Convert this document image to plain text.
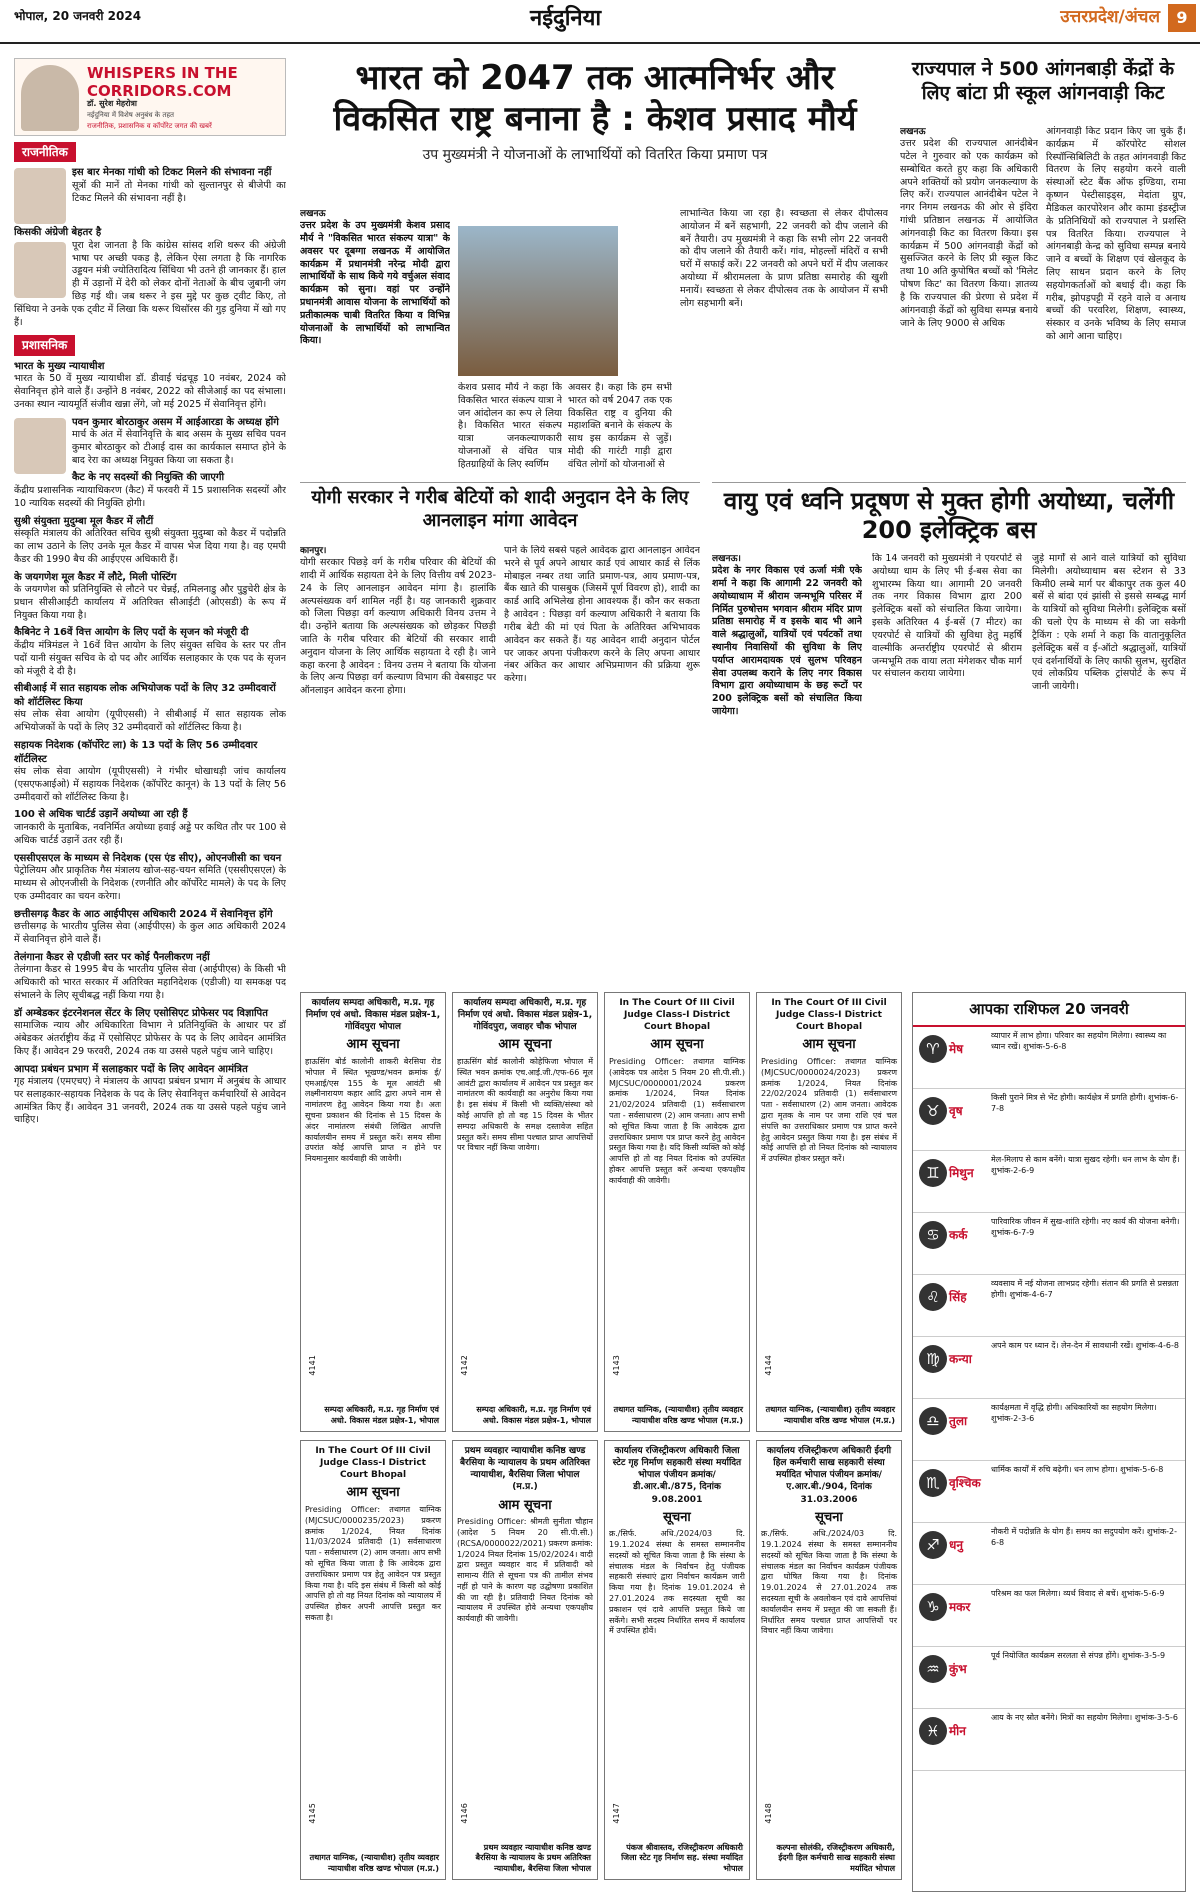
भोपाल, 20 जनवरी 2024	नईदुनिया	उत्तरप्रदेश/अंचल	9
WHISPERS IN THE
CORRIDORS.COM
डॉ. सुरेश मेहरोत्रा
नईदुनिया में विशेष अनुबंध के तहत
राजनीतिक, प्रशासनिक व कॉर्पोरेट जगत की खबरें
राजनीतिक
इस बार मेनका गांधी को टिकट मिलने की संभावना नहीं
सूत्रों की मानें तो मेनका गांधी को सुल्तानपुर से बीजेपी का टिकट मिलने की संभावना नहीं है।
किसकी अंग्रेजी बेहतर है
पूरा देश जानता है कि कांग्रेस सांसद शशि थरूर की अंग्रेजी भाषा पर अच्छी पकड़ है, लेकिन ऐसा लगता है कि नागरिक उड्डयन मंत्री ज्योतिरादित्य सिंधिया भी उतने ही जानकार हैं। हाल ही में उड़ानों में देरी को लेकर दोनों नेताओं के बीच जुबानी जंग छिड़ गई थी। जब थरूर ने इस मुद्दे पर कुछ ट्वीट किए, तो सिंधिया ने उनके एक ट्वीट में लिखा कि थरूर थिसॉरस की गुड़ दुनिया में खो गए हैं।
प्रशासनिक
भारत के मुख्य न्यायाधीश
भारत के 50 वें मुख्य न्यायाधीश डॉ. डीवाई चंद्रचूड़ 10 नवंबर, 2024 को सेवानिवृत्त होने वाले हैं। उन्होंने 8 नवंबर, 2022 को सीजेआई का पद संभाला। उनका स्थान न्यायमूर्ति संजीव खन्ना लेंगे, जो मई 2025 में सेवानिवृत्त होंगे।
पवन कुमार बोरठाकुर असम में आईआरडा के अध्यक्ष होंगे
मार्च के अंत में सेवानिवृत्ति के बाद असम के मुख्य सचिव पवन कुमार बोरठाकुर को टीआई दास का कार्यकाल समाप्त होने के बाद रेरा का अध्यक्ष नियुक्त किया जा सकता है।
कैट के नए सदस्यों की नियुक्ति की जाएगी
केंद्रीय प्रशासनिक न्यायाधिकरण (कैट) में फरवरी में 15 प्रशासनिक सदस्यों और 10 न्यायिक सदस्यों की नियुक्ति होगी।
सुश्री संयुक्ता मुदुम्बा मूल कैडर में लौटीं
संस्कृति मंत्रालय की अतिरिक्त सचिव सुश्री संयुक्ता मुदुम्बा को कैडर में पदोन्नति का लाभ उठाने के लिए उनके मूल कैडर में वापस भेज दिया गया है। वह एमपी कैडर की 1990 बैच की आईएएस अधिकारी हैं।
के जयगणेश मूल कैडर में लौटे, मिली पोस्टिंग
के जयगणेश को प्रतिनियुक्ति से लौटने पर चेन्नई, तमिलनाडु और पुडुचेरी क्षेत्र के प्रधान सीसीआईटी कार्यालय में अतिरिक्त सीआईटी (ओएसडी) के रूप में नियुक्त किया गया है।
कैबिनेट ने 16वें वित्त आयोग के लिए पदों के सृजन को मंजूरी दी
केंद्रीय मंत्रिमंडल ने 16वें वित्त आयोग के लिए संयुक्त सचिव के स्तर पर तीन पदों यानी संयुक्त सचिव के दो पद और आर्थिक सलाहकार के एक पद के सृजन को मंजूरी दे दी है।
सीबीआई में सात सहायक लोक अभियोजक पदों के लिए 32 उम्मीदवारों को शॉर्टलिस्ट किया
संघ लोक सेवा आयोग (यूपीएससी) ने सीबीआई में सात सहायक लोक अभियोजकों के पदों के लिए 32 उम्मीदवारों को शॉर्टलिस्ट किया है।
सहायक निदेशक (कॉर्पोरेट ला) के 13 पदों के लिए 56 उम्मीदवार शॉर्टलिस्ट
संघ लोक सेवा आयोग (यूपीएससी) ने गंभीर धोखाधड़ी जांच कार्यालय (एसएफआईओ) में सहायक निदेशक (कॉर्पोरेट कानून) के 13 पदों के लिए 56 उम्मीदवारों को शॉर्टलिस्ट किया है।
100 से अधिक चार्टर्ड उड़ानें अयोध्या आ रही हैं
जानकारी के मुताबिक, नवनिर्मित अयोध्या हवाई अड्डे पर कथित तौर पर 100 से अधिक चार्टर्ड उड़ानें उतर रही हैं।
एससीएसएल के माध्यम से निदेशक (एस एंड सीए), ओएनजीसी का चयन
पेट्रोलियम और प्राकृतिक गैस मंत्रालय खोज-सह-चयन समिति (एससीएसएल) के माध्यम से ओएनजीसी के निदेशक (रणनीति और कॉर्पोरेट मामले) के पद के लिए एक उम्मीदवार का चयन करेगा।
छत्तीसगढ़ कैडर के आठ आईपीएस अधिकारी 2024 में सेवानिवृत्त होंगे
छत्तीसगढ़ के भारतीय पुलिस सेवा (आईपीएस) के कुल आठ अधिकारी 2024 में सेवानिवृत्त होने वाले हैं।
तेलंगाना कैडर से एडीजी स्तर पर कोई पैनलीकरण नहीं
तेलंगाना कैडर से 1995 बैच के भारतीय पुलिस सेवा (आईपीएस) के किसी भी अधिकारी को भारत सरकार में अतिरिक्त महानिदेशक (एडीजी) या समकक्ष पद संभालने के लिए सूचीबद्ध नहीं किया गया है।
डॉ अम्बेडकर इंटरनेशनल सेंटर के लिए एसोसिएट प्रोफेसर पद विज्ञापित
सामाजिक न्याय और अधिकारिता विभाग ने प्रतिनियुक्ति के आधार पर डॉ अंबेडकर अंतर्राष्ट्रीय केंद्र में एसोसिएट प्रोफेसर के पद के लिए आवेदन आमंत्रित किए हैं। आवेदन 29 फरवरी, 2024 तक या उससे पहले पहुंच जाने चाहिए।
आपदा प्रबंधन प्रभाग में सलाहकार पदों के लिए आवेदन आमंत्रित
गृह मंत्रालय (एमएचए) ने मंत्रालय के आपदा प्रबंधन प्रभाग में अनुबंध के आधार पर सलाहकार-सहायक निदेशक के पद के लिए सेवानिवृत्त कर्मचारियों से आवेदन आमंत्रित किए हैं। आवेदन 31 जनवरी, 2024 तक या उससे पहले पहुंच जाने चाहिए।
भारत को 2047 तक आत्मनिर्भर और विकसित राष्ट्र बनाना है : केशव प्रसाद मौर्य
उप मुख्यमंत्री ने योजनाओं के लाभार्थियों को वितरित किया प्रमाण पत्र
लखनऊ
उत्तर प्रदेश के उप मुख्यमंत्री केशव प्रसाद मौर्य ने "विकसित भारत संकल्प यात्रा" के अवसर पर दूबग्गा लखनऊ में आयोजित कार्यक्रम में प्रधानमंत्री नरेन्द्र मोदी द्वारा लाभार्थियों के साथ किये गये वर्चुअल संवाद कार्यक्रम को सुना। वहां पर उन्होंने प्रधानमंत्री आवास योजना के लाभार्थियों को प्रतीकात्मक चाबी वितरित किया व विभिन्न योजनाओं के लाभार्थियों को लाभान्वित किया।
केशव प्रसाद मौर्य ने कहा कि विकसित भारत संकल्प यात्रा ने जन आंदोलन का रूप ले लिया है। विकसित भारत संकल्प यात्रा जनकल्याणकारी योजनाओं से वंचित पात्र हितग्राहियों के लिए स्वर्णिम
अवसर है। कहा कि हम सभी भारत को वर्ष 2047 तक एक विकसित राष्ट्र व दुनिया की महाशक्ति बनाने के संकल्प के साथ इस कार्यक्रम से जुड़ें। मोदी की गारंटी गाड़ी द्वारा वंचित लोगों को योजनाओं से
लाभान्वित किया जा रहा है। स्वच्छता से लेकर दीपोत्सव आयोजन में बनें सहभागी, 22 जनवरी को दीप जलाने की बनें तैयारी। उप मुख्यमंत्री ने कहा कि सभी लोग 22 जनवरी को दीप जलाने की तैयारी करें। गांव, मोहल्लों मंदिरों व सभी घरों में सफाई करें। 22 जनवरी को अपने घरों में दीप जलाकर अयोध्या में श्रीरामलला के प्राण प्रतिष्ठा समारोह की खुशी मनायें। स्वच्छता से लेकर दीपोत्सव तक के आयोजन में सभी लोग सहभागी बनें।
राज्यपाल ने 500 आंगनबाड़ी केंद्रों के लिए बांटा प्री स्कूल आंगनवाड़ी किट
लखनऊ
उत्तर प्रदेश की राज्यपाल आनंदीबेन पटेल ने गुरुवार को एक कार्यक्रम को सम्बोधित करते हुए कहा कि अधिकारी अपने शक्तियों को प्रयोग जनकल्याण के लिए करें। राज्यपाल आनंदीबेन पटेल ने नगर निगम लखनऊ की ओर से इंदिरा गांधी प्रतिष्ठान लखनऊ में आयोजित आंगनवाड़ी किट का वितरण किया। इस कार्यक्रम में 500 आंगनवाड़ी केंद्रों को सुसज्जित करने के लिए प्री स्कूल किट तथा 10 अति कुपोषित बच्चों को 'मिलेट पोषण किट' का वितरण किया। ज्ञातव्य है कि राज्यपाल की प्रेरणा से प्रदेश में आंगनवाड़ी केंद्रों को सुविधा सम्पन्न बनाये जाने के लिए 9000 से अधिक
आंगनवाड़ी किट प्रदान किए जा चुके हैं। कार्यक्रम में कॉरपोरेट सोशल रिस्पॉन्सिबिलिटी के तहत आंगनवाड़ी किट वितरण के लिए सहयोग करने वाली संस्थाओं स्टेट बैंक ऑफ इण्डिया, रामा कृष्णन पेस्टीसाइड्स, मेदांता ग्रुप, मैडिकल कारपोरेशन और कामा इंडस्ट्रीज के प्रतिनिधियों को राज्यपाल ने प्रशस्ति पत्र वितरित किया। राज्यपाल ने आंगनबाड़ी केन्द्र को सुविधा सम्पन्न बनाये जाने व बच्चों के शिक्षण एवं खेलकूद के लिए साधन प्रदान करने के लिए सहयोगकर्ताओं को बधाई दी। कहा कि गरीब, झोपड़पट्टी में रहने वाले व अनाथ बच्चों की परवरिश, शिक्षण, स्वास्थ्य, संस्कार व उनके भविष्य के लिए समाज को आगे आना चाहिए।
योगी सरकार ने गरीब बेटियों को शादी अनुदान देने के लिए आनलाइन मांगा आवेदन
कानपुर।
योगी सरकार पिछड़े वर्ग के गरीब परिवार की बेटियों की शादी में आर्थिक सहायता देने के लिए वित्तीय वर्ष 2023-24 के लिए आनलाइन आवेदन मांगा है। हालांकि अल्पसंख्यक वर्ग शामिल नहीं है। यह जानकारी शुक्रवार को जिला पिछड़ा वर्ग कल्याण अधिकारी विनय उत्तम ने दी। उन्होंने बताया कि अल्पसंख्यक को छोड़कर पिछड़ी जाति के गरीब परिवार की बेटियों की सरकार शादी अनुदान योजना के लिए आर्थिक सहायता दे रही है। जाने कहा करना है आवेदन : विनय उत्तम ने बताया कि योजना के लिए अन्य पिछड़ा वर्ग कल्याण विभाग की वेबसाइट पर ऑनलाइन आवेदन करना होगा।
पाने के लिये सबसे पहले आवेदक द्वारा आनलाइन आवेदन भरने से पूर्व अपने आधार कार्ड एवं आधार कार्ड से लिंक मोबाइल नम्बर तथा जाति प्रमाण-पत्र, आय प्रमाण-पत्र, बैंक खाते की पासबुक (जिसमें पूर्ण विवरण हो), शादी का कार्ड आदि अभिलेख होना आवश्यक हैं। कौन कर सकता है आवेदन : पिछड़ा वर्ग कल्याण अधिकारी ने बताया कि गरीब बेटी की मां एवं पिता के अतिरिक्त अभिभावक आवेदन कर सकते हैं। यह आवेदन शादी अनुदान पोर्टल पर जाकर अपना पंजीकरण करने के लिए अपना आधार नंबर अंकित कर आधार अभिप्रमाणन की प्रक्रिया शुरू करेगा।
वायु एवं ध्वनि प्रदूषण से मुक्त होगी अयोध्या, चलेंगी 200 इलेक्ट्रिक बस
लखनऊ।
प्रदेश के नगर विकास एवं ऊर्जा मंत्री एके शर्मा ने कहा कि आगामी 22 जनवरी को अयोध्याधाम में श्रीराम जन्मभूमि परिसर में निर्मित पुरुषोत्तम भगवान श्रीराम मंदिर प्राण प्रतिष्ठा समारोह में व इसके बाद भी आने वाले श्रद्धालुओं, यात्रियों एवं पर्यटकों तथा स्थानीय निवासियों की सुविधा के लिए पर्याप्त आरामदायक एवं सुलभ परिवहन सेवा उपलब्ध कराने के लिए नगर विकास विभाग द्वारा अयोध्याधाम के छह रूटों पर 200 इलेक्ट्रिक बसों को संचालित किया जायेगा।
कि 14 जनवरी को मुख्यमंत्री ने एयरपोर्ट से अयोध्या धाम के लिए भी ई-बस सेवा का शुभारम्भ किया था। आगामी 20 जनवरी तक नगर विकास विभाग द्वारा 200 इलेक्ट्रिक बसों को संचालित किया जायेगा। इसके अतिरिक्त 4 ई-बसें (7 मीटर) का एयरपोर्ट से यात्रियों की सुविधा हेतु महर्षि वाल्मीकि अन्तर्राष्ट्रीय एयरपोर्ट से श्रीराम जन्मभूमि तक वाया लता मंगेशकर चौक मार्ग पर संचालन कराया जायेगा।
जुड़े मार्गों से आने वाले यात्रियों को सुविधा मिलेगी। अयोध्याधाम बस स्टेशन से 33 किमी0 लम्बे मार्ग पर बीकापुर तक कुल 40 बसें से बांदा एवं झांसी से इससे सम्बद्ध मार्ग के यात्रियों को सुविधा मिलेगी। इलेक्ट्रिक बसों की चलो ऐप के माध्यम से की जा सकेगी ट्रैकिंग : एके शर्मा ने कहा कि वातानुकूलित इलेक्ट्रिक बसें व ई-ऑटो श्रद्धालुओं, यात्रियों एवं दर्शनार्थियों के लिए काफी सुलभ, सुरक्षित एवं लोकप्रिय पब्लिक ट्रांसपोर्ट के रूप में जानी जायेगी।
कार्यालय सम्पदा अधिकारी, म.प्र. गृह निर्माण एवं अधो. विकास मंडल प्रक्षेत्र-1, गोविंदपुरा भोपाल
आम सूचना
हाऊसिंग बोर्ड कालोनी शाकरी बेरसिया रोड भोपाल में स्थित भूखण्ड/भवन क्रमांक ई/एमआई/एस 155 के मूल आवंटी श्री लक्ष्मीनारायण कहार आदि द्वारा अपने नाम से नामांतरण हेतु आवेदन किया गया है। अतः सूचना प्रकाशन की दिनांक से 15 दिवस के अंदर नामांतरण संबंधी लिखित आपत्ति कार्यालयीन समय में प्रस्तुत करें। समय सीमा उपरांत कोई आपत्ति प्राप्त न होने पर नियमानुसार कार्यवाही की जावेगी।
सम्पदा अधिकारी, म.प्र. गृह निर्माण एवं अधो. विकास मंडल प्रक्षेत्र-1, भोपाल
4141
कार्यालय सम्पदा अधिकारी, म.प्र. गृह निर्माण एवं अधो. विकास मंडल प्रक्षेत्र-1, गोविंदपुरा, जवाहर चौक भोपाल
आम सूचना
हाऊसिंग बोर्ड कालोनी कोहेफिजा भोपाल में स्थित भवन क्रमांक एच.आई.जी./एफ-66 मूल आवंटी द्वारा कार्यालय में आवेदन पत्र प्रस्तुत कर नामांतरण की कार्यवाही का अनुरोध किया गया है। इस संबंध में किसी भी व्यक्ति/संस्था को कोई आपत्ति हो तो वह 15 दिवस के भीतर सम्पदा अधिकारी के समक्ष दस्तावेज सहित प्रस्तुत करें। समय सीमा पश्चात प्राप्त आपत्तियों पर विचार नहीं किया जावेगा।
सम्पदा अधिकारी, म.प्र. गृह निर्माण एवं अधो. विकास मंडल प्रक्षेत्र-1, भोपाल
4142
In The Court Of III Civil Judge Class-I District Court Bhopal
आम सूचना
Presiding Officer: तथागत याग्निक (आवेदक पत्र आदेश 5 नियम 20 सी.पी.सी.) MJCSUC/0000001/2024 प्रकरण क्रमांक 1/2024, नियत दिनांक 21/02/2024 प्रतिवादी (1) सर्वसाधारण पता - सर्वसाधारण (2) आम जनता। आप सभी को सूचित किया जाता है कि आवेदक द्वारा उत्तराधिकार प्रमाण पत्र प्राप्त करने हेतु आवेदन प्रस्तुत किया गया है। यदि किसी व्यक्ति को कोई आपत्ति हो तो वह नियत दिनांक को उपस्थित होकर आपत्ति प्रस्तुत करें अन्यथा एकपक्षीय कार्यवाही की जावेगी।
तथागत याग्निक, (न्यायाधीश) तृतीय व्यवहार न्यायाधीश वरिष्ठ खण्ड भोपाल (म.प्र.)
4143
In The Court Of III Civil Judge Class-I District Court Bhopal
आम सूचना
Presiding Officer: तथागत याग्निक (MJCSUC/0000024/2023) प्रकरण क्रमांक 1/2024, नियत दिनांक 22/02/2024 प्रतिवादी (1) सर्वसाधारण पता - सर्वसाधारण (2) आम जनता। आवेदक द्वारा मृतक के नाम पर जमा राशि एवं चल संपत्ति का उत्तराधिकार प्रमाण पत्र प्राप्त करने हेतु आवेदन प्रस्तुत किया गया है। इस संबंध में कोई आपत्ति हो तो नियत दिनांक को न्यायालय में उपस्थित होकर प्रस्तुत करें।
तथागत याग्निक, (न्यायाधीश) तृतीय व्यवहार न्यायाधीश वरिष्ठ खण्ड भोपाल (म.प्र.)
4144
In The Court Of III Civil Judge Class-I District Court Bhopal
आम सूचना
Presiding Officer: तथागत याग्निक (MJCSUC/0000235/2023) प्रकरण क्रमांक 1/2024, नियत दिनांक 11/03/2024 प्रतिवादी (1) सर्वसाधारण पता - सर्वसाधारण (2) आम जनता। आप सभी को सूचित किया जाता है कि आवेदक द्वारा उत्तराधिकार प्रमाण पत्र हेतु आवेदन पत्र प्रस्तुत किया गया है। यदि इस संबंध में किसी को कोई आपत्ति हो तो वह नियत दिनांक को न्यायालय में उपस्थित होकर अपनी आपत्ति प्रस्तुत कर सकता है।
तथागत याग्निक, (न्यायाधीश) तृतीय व्यवहार न्यायाधीश वरिष्ठ खण्ड भोपाल (म.प्र.)
4145
प्रथम व्यवहार न्यायाधीश कनिष्ठ खण्ड बैरसिया के न्यायालय के प्रथम अतिरिक्त न्यायाधीश, बैरसिया जिला भोपाल (म.प्र.)
आम सूचना
Presiding Officer: श्रीमती सुनीता चौहान (आदेश 5 नियम 20 सी.पी.सी.) (RCSA/0000022/2021) प्रकरण क्रमांक: 1/2024 नियत दिनांक 15/02/2024। वादी द्वारा प्रस्तुत व्यवहार वाद में प्रतिवादी को सामान्य रीति से सूचना पत्र की तामील संभव नहीं हो पाने के कारण यह उद्घोषणा प्रकाशित की जा रही है। प्रतिवादी नियत दिनांक को न्यायालय में उपस्थित होवे अन्यथा एकपक्षीय कार्यवाही की जावेगी।
प्रथम व्यवहार न्यायाधीश कनिष्ठ खण्ड बैरसिया के न्यायालय के प्रथम अतिरिक्त न्यायाधीश, बैरसिया जिला भोपाल
4146
कार्यालय रजिस्ट्रीकरण अधिकारी जिला स्टेट गृह निर्माण सहकारी संस्था मर्यादित भोपाल पंजीयन क्रमांक/डी.आर.बी./875, दिनांक 9.08.2001
सूचना
क्र./सिर्फ. अधि./2024/03 दि. 19.1.2024 संस्था के समस्त सम्माननीय सदस्यों को सूचित किया जाता है कि संस्था के संचालक मंडल के निर्वाचन हेतु पंजीयक सहकारी संस्थाएं द्वारा निर्वाचन कार्यक्रम जारी किया गया है। दिनांक 19.01.2024 से 27.01.2024 तक सदस्यता सूची का प्रकाशन एवं दावे आपत्ति प्रस्तुत किये जा सकेंगे। सभी सदस्य निर्धारित समय में कार्यालय में उपस्थित होवें।
पंकज श्रीवास्तव, रजिस्ट्रीकरण अधिकारी जिला स्टेट गृह निर्माण सह. संस्था मर्यादित भोपाल
4147
कार्यालय रजिस्ट्रीकरण अधिकारी ईदगी हिल कर्मचारी साख सहकारी संस्था मर्यादित भोपाल पंजीयन क्रमांक/ए.आर.बी./904, दिनांक 31.03.2006
सूचना
क्र./सिर्फ. अधि./2024/03 दि. 19.1.2024 संस्था के समस्त सम्माननीय सदस्यों को सूचित किया जाता है कि संस्था के संचालक मंडल का निर्वाचन कार्यक्रम पंजीयक द्वारा घोषित किया गया है। दिनांक 19.01.2024 से 27.01.2024 तक सदस्यता सूची के अवलोकन एवं दावे आपत्तियां कार्यालयीन समय में प्रस्तुत की जा सकती हैं। निर्धारित समय पश्चात प्राप्त आपत्तियों पर विचार नहीं किया जावेगा।
कल्पना सोलंकी, रजिस्ट्रीकरण अधिकारी, ईदगी हिल कर्मचारी साख सहकारी संस्था मर्यादित भोपाल
4148
आपका राशिफल 20 जनवरी
♈ मेष
व्यापार में लाभ होगा। परिवार का सहयोग मिलेगा। स्वास्थ्य का ध्यान रखें। शुभांक-5-6-8
♉ वृष
किसी पुराने मित्र से भेंट होगी। कार्यक्षेत्र में प्रगति होगी। शुभांक-6-7-8
♊ मिथुन
मेल-मिलाप से काम बनेंगे। यात्रा सुखद रहेगी। धन लाभ के योग हैं। शुभांक-2-6-9
♋ कर्क
पारिवारिक जीवन में सुख-शांति रहेगी। नए कार्य की योजना बनेगी। शुभांक-6-7-9
♌ सिंह
व्यवसाय में नई योजना लाभप्रद रहेगी। संतान की प्रगति से प्रसन्नता होगी। शुभांक-4-6-7
♍ कन्या
अपने काम पर ध्यान दें। लेन-देन में सावधानी रखें। शुभांक-4-6-8
♎ तुला
कार्यक्षमता में वृद्धि होगी। अधिकारियों का सहयोग मिलेगा। शुभांक-2-3-6
♏ वृश्चिक
धार्मिक कार्यों में रुचि बढ़ेगी। धन लाभ होगा। शुभांक-5-6-8
♐ धनु
नौकरी में पदोन्नति के योग हैं। समय का सदुपयोग करें। शुभांक-2-6-8
♑ मकर
परिश्रम का फल मिलेगा। व्यर्थ विवाद से बचें। शुभांक-5-6-9
♒ कुंभ
पूर्व नियोजित कार्यक्रम सरलता से संपन्न होंगे। शुभांक-3-5-9
♓ मीन
आय के नए स्रोत बनेंगे। मित्रों का सहयोग मिलेगा। शुभांक-3-5-6
